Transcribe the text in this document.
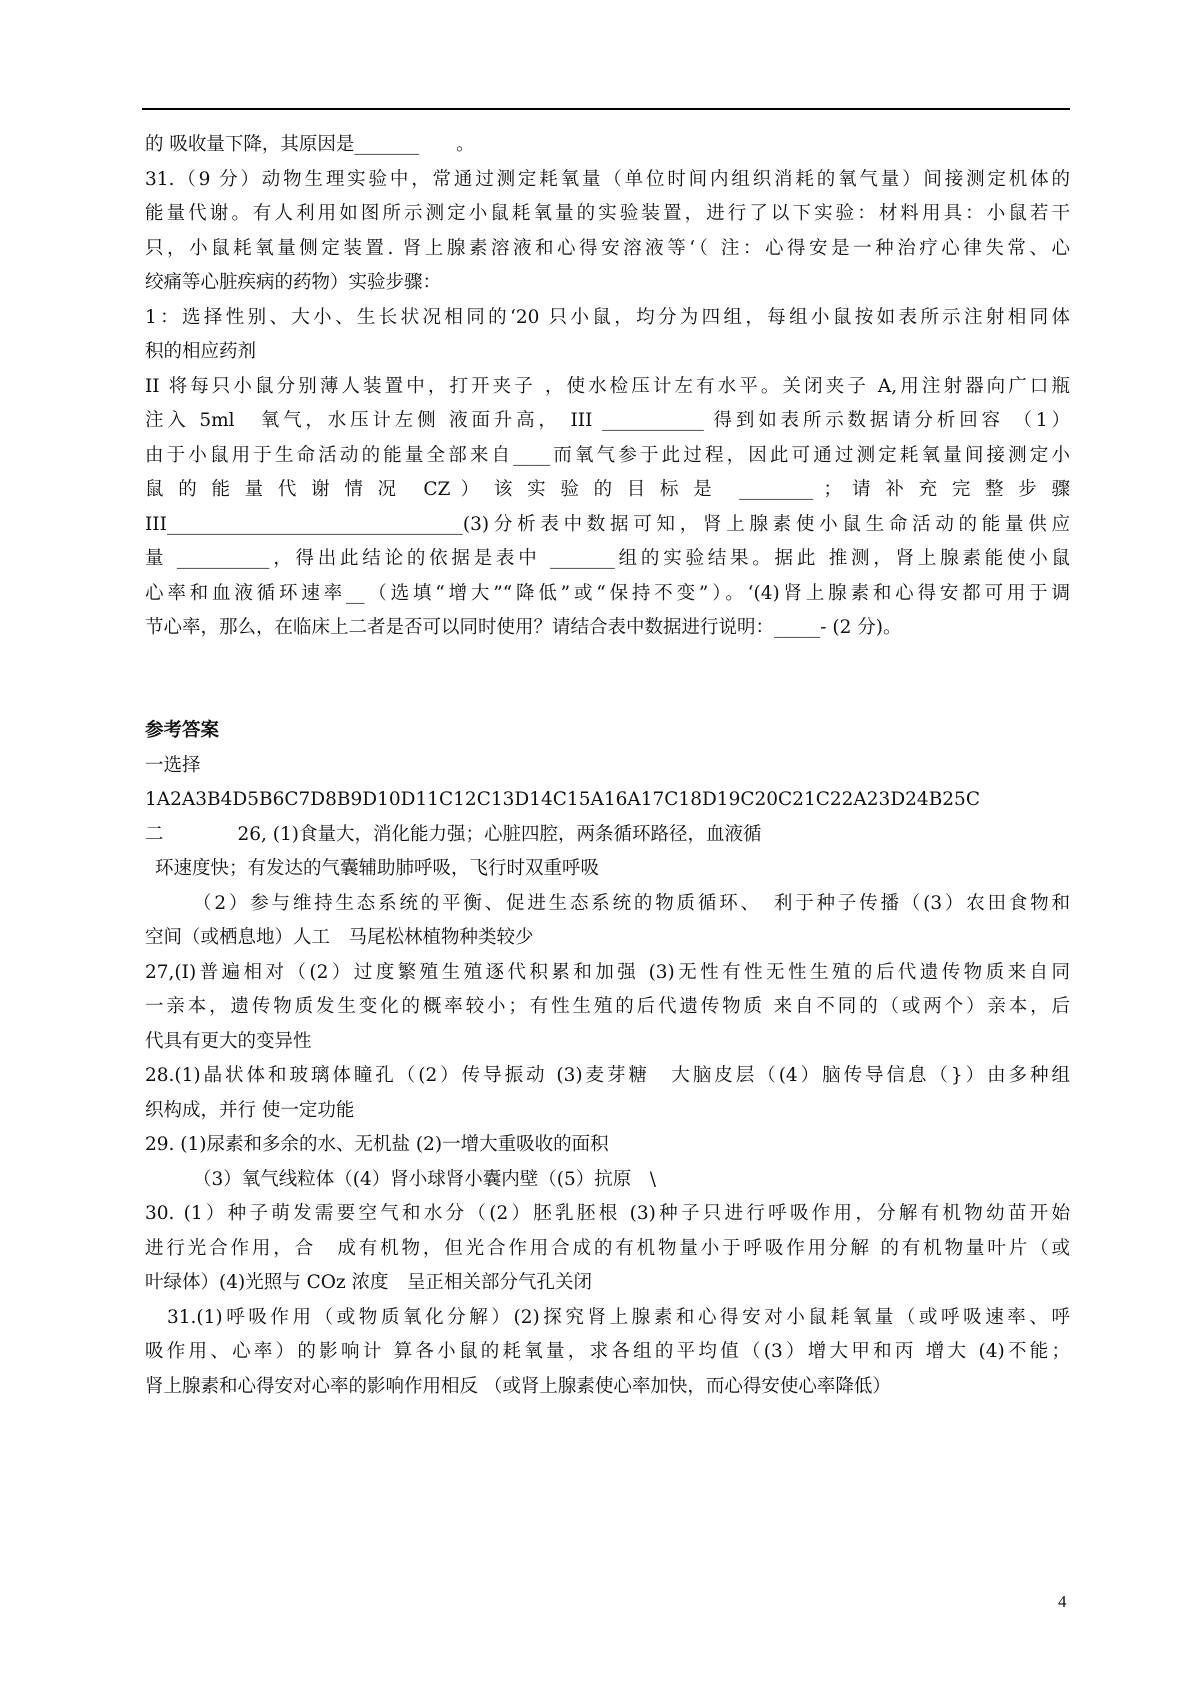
的 吸收量下降，其原因是_______　　。

31.（9 分）动物生理实验中，常通过测定耗氧量（单位时间内组织消耗的氧气量）间接测定机体的

能量代谢。有人利用如图所示测定小鼠耗氧量的实验装置，进行了以下实验：材料用具：小鼠若干

只，小鼠耗氧量侧定装置. 肾上腺素溶液和心得安溶液等‘（ 注：心得安是一种治疗心律失常、心

绞痛等心脏疾病的药物）实验步骤：

1：选择性别、大小、生长状况相同的‘20 只小鼠，均分为四组，每组小鼠按如表所示注射相同体

积的相应药剂

II 将每只小鼠分别薄人装置中，打开夹子 ，使水检压计左有水平。关闭夹子 A,用注射器向广口瓶

注入 5ml　氧气，水压计左侧 液面升高， III ___________ 得到如表所示数据请分析回容 （1）

由于小鼠用于生命活动的能量全部来自____而氧气参于此过程，因此可通过测定耗氧量间接测定小

鼠 的 能 量 代 谢 情 况　CZ ） 该 实 验 的 目 标 是　________ ； 请 补 充 完 整 步 骤

III________________________________(3)分析表中数据可知，肾上腺素使小鼠生命活动的能量供应

量 __________，得出此结论的依据是表中 _______组的实验结果。据此 推测，肾上腺素能使小鼠

心率和血液循环速率__（选填“增大”“降低”或“保持不变”）。‘(4)肾上腺素和心得安都可用于调

节心率，那么，在临床上二者是否可以同时使用？请结合表中数据进行说明：_____- (2 分)。

参考答案

一选择

1A2A3B4D5B6C7D8B9D10D11C12C13D14C15A16A17C18D19C20C21C22A23D24B25C

二　　　　26, (1)食量大，消化能力强；心脏四腔，两条循环路径，血液循

环速度快；有发达的气囊辅助肺呼吸，飞行时双重呼吸

（2）参与维持生态系统的平衡、促进生态系统的物质循环、　利于种子传播（(3）农田食物和

空间（或栖息地）人工　马尾松林植物种类较少

27,(I)普遍相对（(2）过度繁殖生殖逐代积累和加强 (3)无性有性无性生殖的后代遗传物质来自同

一亲本，遗传物质发生变化的概率较小；有性生殖的后代遗传物质 来自不同的（或两个）亲本，后

代具有更大的变异性

28.(1)晶状体和玻璃体瞳孔（(2）传导振动 (3)麦芽糖　大脑皮层（(4）脑传导信息（}）由多种组

织构成，并行 使一定功能

29. (1)尿素和多余的水、无机盐 (2)一增大重吸收的面积

（3）氧气线粒体（(4）肾小球肾小囊内壁（(5）抗原　\

30. (1）种子萌发需要空气和水分（(2）胚乳胚根 (3)种子只进行呼吸作用，分解有机物幼苗开始

进行光合作用，合　成有机物，但光合作用合成的有机物量小于呼吸作用分解 的有机物量叶片（或

叶绿体）(4)光照与 COz 浓度　呈正相关部分气孔关闭

31.(1)呼吸作用（或物质氧化分解）(2)探究肾上腺素和心得安对小鼠耗氧量（或呼吸速率、呼

吸作用、心率）的影响计 算各小鼠的耗氧量，求各组的平均值（(3）增大甲和丙 增大 (4)不能；

肾上腺素和心得安对心率的影响作用相反 （或肾上腺素使心率加快，而心得安使心率降低）

4
